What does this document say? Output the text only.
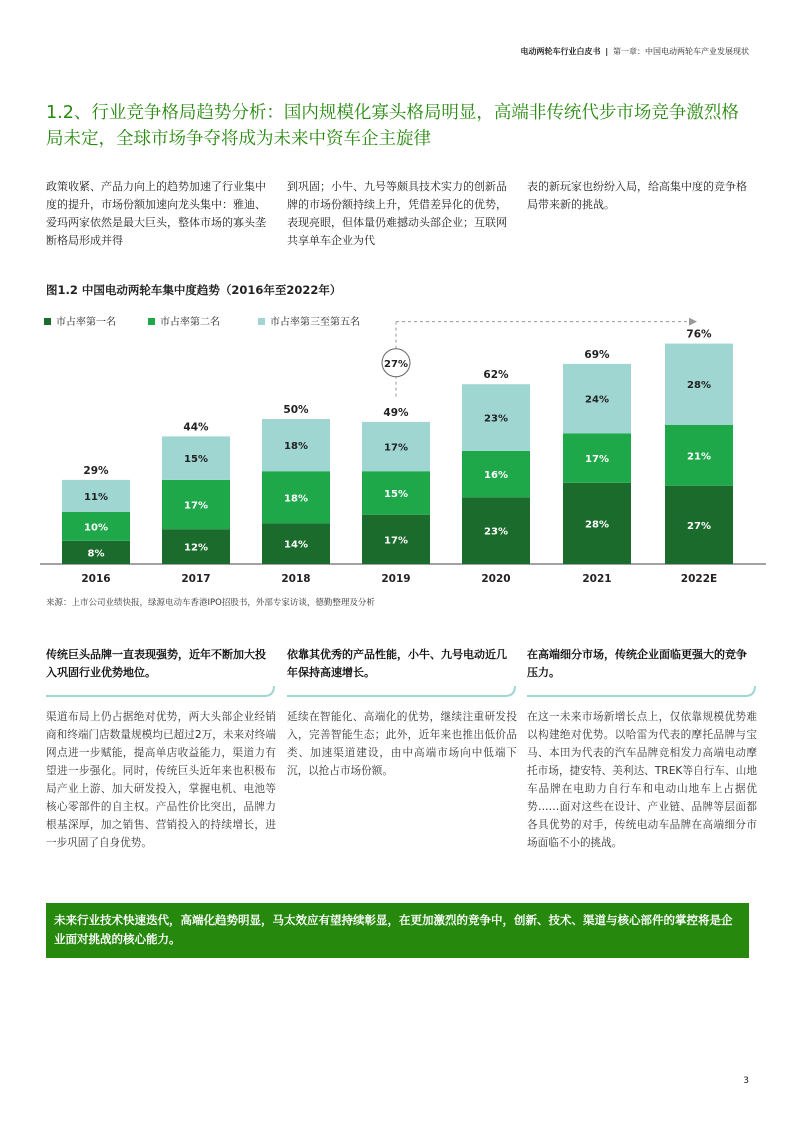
电动两轮车行业白皮书 | 第一章：中国电动两轮车产业发展现状
1.2、行业竞争格局趋势分析：国内规模化寡头格局明显，高端非传统代步市场竞争激烈格局未定，全球市场争夺将成为未来中资车企主旋律
政策收紧、产品力向上的趋势加速了行业集中度的提升，市场份额加速向龙头集中：雅迪、爱玛两家依然是最大巨头，整体市场的寡头垄断格局形成并得
到巩固；小牛、九号等颇具技术实力的创新品牌的市场份额持续上升，凭借差异化的优势，表现亮眼，但体量仍难撼动头部企业；互联网共享单车企业为代
表的新玩家也纷纷入局，给高集中度的竞争格局带来新的挑战。
图1.2 中国电动两轮车集中度趋势（2016年至2022年）
市占率第一名	市占率第二名	市占率第三至第五名
8%
10%
11%
29%
2016
12%
17%
15%
44%
2017
14%
18%
18%
50%
2018
17%
15%
17%
49%
2019
23%
16%
23%
62%
2020
28%
17%
24%
69%
2021
27%
21%
28%
76%
2022E
27%
来源：上市公司业绩快报，绿源电动车香港IPO招股书，外部专家访谈，德勤整理及分析
传统巨头品牌一直表现强势，近年不断加大投入巩固行业优势地位。
渠道布局上仍占据绝对优势，两大头部企业经销商和终端门店数量规模均已超过2万，未来对终端网点进一步赋能，提高单店收益能力，渠道力有望进一步强化。同时，传统巨头近年来也积极布局产业上游、加大研发投入，掌握电机、电池等核心零部件的自主权。产品性价比突出，品牌力根基深厚，加之销售、营销投入的持续增长，进一步巩固了自身优势。
依靠其优秀的产品性能，小牛、九号电动近几年保持高速增长。
延续在智能化、高端化的优势，继续注重研发投入，完善智能生态；此外，近年来也推出低价品类、加速渠道建设，由中高端市场向中低端下沉，以抢占市场份额。
在高端细分市场，传统企业面临更强大的竞争压力。
在这一未来市场新增长点上，仅依靠规模优势难以构建绝对优势。以哈雷为代表的摩托品牌与宝马、本田为代表的汽车品牌竞相发力高端电动摩托市场，捷安特、美利达、TREK等自行车、山地车品牌在电助力自行车和电动山地车上占据优势……面对这些在设计、产业链、品牌等层面都各具优势的对手，传统电动车品牌在高端细分市场面临不小的挑战。
未来行业技术快速迭代，高端化趋势明显，马太效应有望持续彰显，在更加激烈的竞争中，创新、技术、渠道与核心部件的掌控将是企业面对挑战的核心能力。
3
